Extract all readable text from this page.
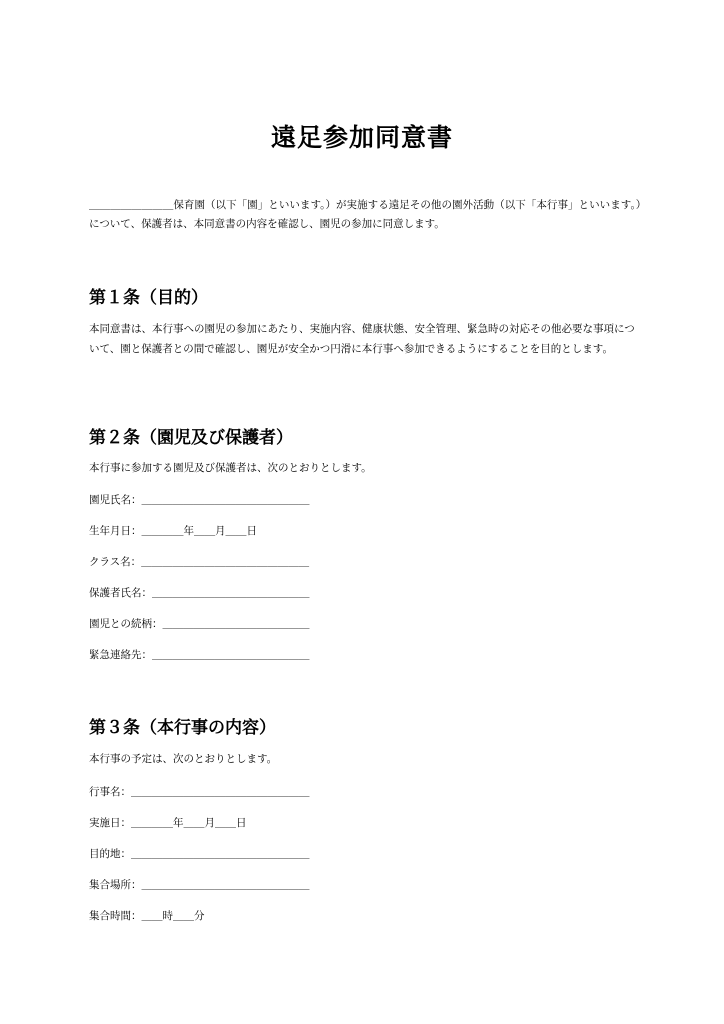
遠足参加同意書

＿＿＿＿＿＿＿＿保育園（以下「園」といいます。）が実施する遠足その他の園外活動（以下「本行事」といいます。）について、保護者は、本同意書の内容を確認し、園児の参加に同意します。

第１条（目的）

本同意書は、本行事への園児の参加にあたり、実施内容、健康状態、安全管理、緊急時の対応その他必要な事項について、園と保護者との間で確認し、園児が安全かつ円滑に本行事へ参加できるようにすることを目的とします。

第２条（園児及び保護者）

本行事に参加する園児及び保護者は、次のとおりとします。

園児氏名：＿＿＿＿＿＿＿＿＿＿＿＿＿＿＿＿
生年月日：＿＿＿＿年＿＿月＿＿日
クラス名：＿＿＿＿＿＿＿＿＿＿＿＿＿＿＿＿
保護者氏名：＿＿＿＿＿＿＿＿＿＿＿＿＿＿＿
園児との続柄：＿＿＿＿＿＿＿＿＿＿＿＿＿＿
緊急連絡先：＿＿＿＿＿＿＿＿＿＿＿＿＿＿＿
第３条（本行事の内容）

本行事の予定は、次のとおりとします。

行事名：＿＿＿＿＿＿＿＿＿＿＿＿＿＿＿＿＿
実施日：＿＿＿＿年＿＿月＿＿日
目的地：＿＿＿＿＿＿＿＿＿＿＿＿＿＿＿＿＿
集合場所：＿＿＿＿＿＿＿＿＿＿＿＿＿＿＿＿
集合時間：＿＿時＿＿分
